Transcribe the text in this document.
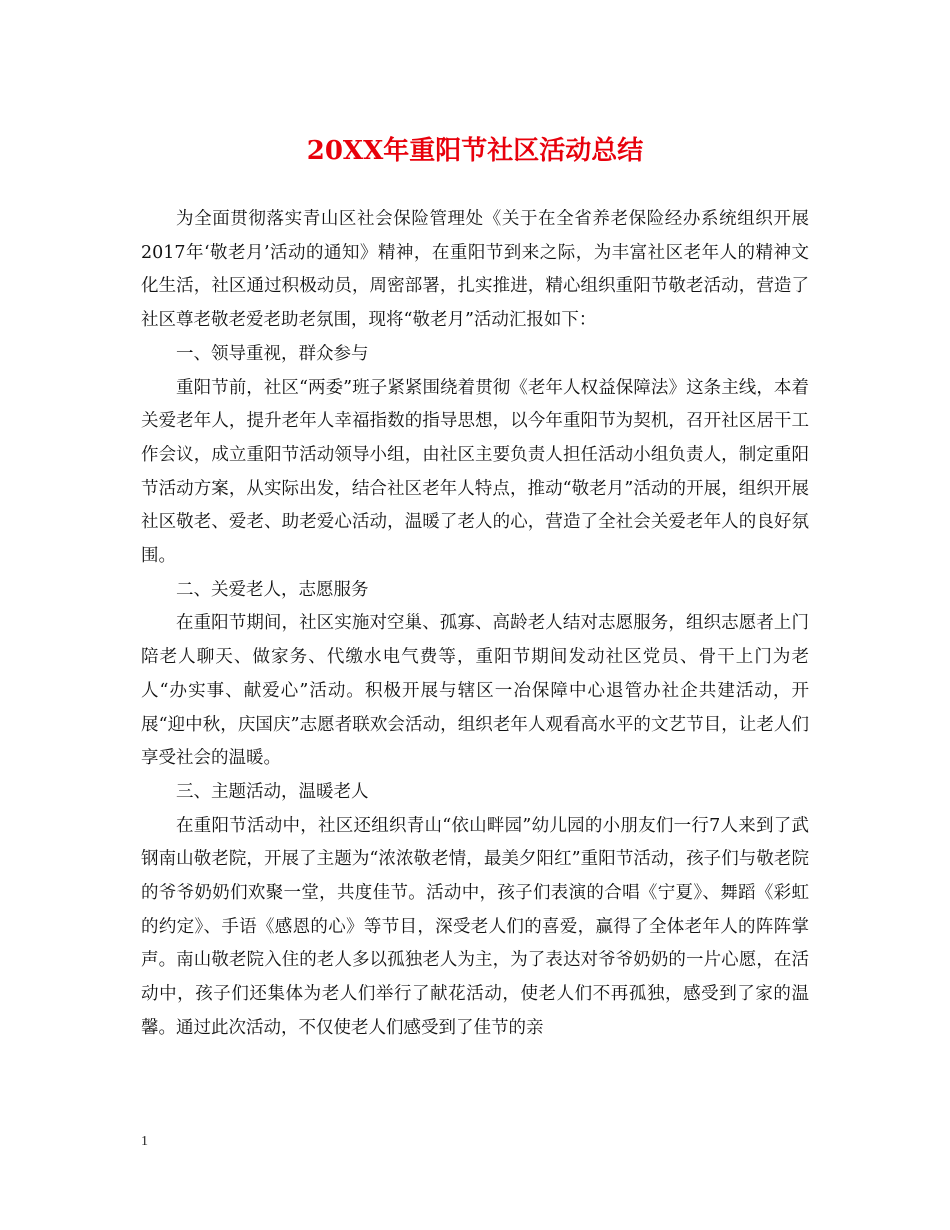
20XX年重阳节社区活动总结

为全面贯彻落实青山区社会保险管理处《关于在全省养老保险经办系统组织开展2017年‘敬老月’活动的通知》精神，在重阳节到来之际，为丰富社区老年人的精神文化生活，社区通过积极动员，周密部署，扎实推进，精心组织重阳节敬老活动，营造了社区尊老敬老爱老助老氛围，现将“敬老月”活动汇报如下：

一、领导重视，群众参与

重阳节前，社区“两委”班子紧紧围绕着贯彻《老年人权益保障法》这条主线，本着关爱老年人，提升老年人幸福指数的指导思想，以今年重阳节为契机，召开社区居干工作会议，成立重阳节活动领导小组，由社区主要负责人担任活动小组负责人，制定重阳节活动方案，从实际出发，结合社区老年人特点，推动“敬老月”活动的开展，组织开展社区敬老、爱老、助老爱心活动，温暖了老人的心，营造了全社会关爱老年人的良好氛围。

二、关爱老人，志愿服务

在重阳节期间，社区实施对空巢、孤寡、高龄老人结对志愿服务，组织志愿者上门陪老人聊天、做家务、代缴水电气费等，重阳节期间发动社区党员、骨干上门为老人“办实事、献爱心”活动。积极开展与辖区一冶保障中心退管办社企共建活动，开展“迎中秋，庆国庆”志愿者联欢会活动，组织老年人观看高水平的文艺节目，让老人们享受社会的温暖。

三、主题活动，温暖老人

在重阳节活动中，社区还组织青山“依山畔园”幼儿园的小朋友们一行7人来到了武钢南山敬老院，开展了主题为“浓浓敬老情，最美夕阳红”重阳节活动，孩子们与敬老院的爷爷奶奶们欢聚一堂，共度佳节。活动中，孩子们表演的合唱《宁夏》、舞蹈《彩虹的约定》、手语《感恩的心》等节目，深受老人们的喜爱，赢得了全体老年人的阵阵掌声。南山敬老院入住的老人多以孤独老人为主，为了表达对爷爷奶奶的一片心愿，在活动中，孩子们还集体为老人们举行了献花活动，使老人们不再孤独，感受到了家的温馨。通过此次活动，不仅使老人们感受到了佳节的亲

1
